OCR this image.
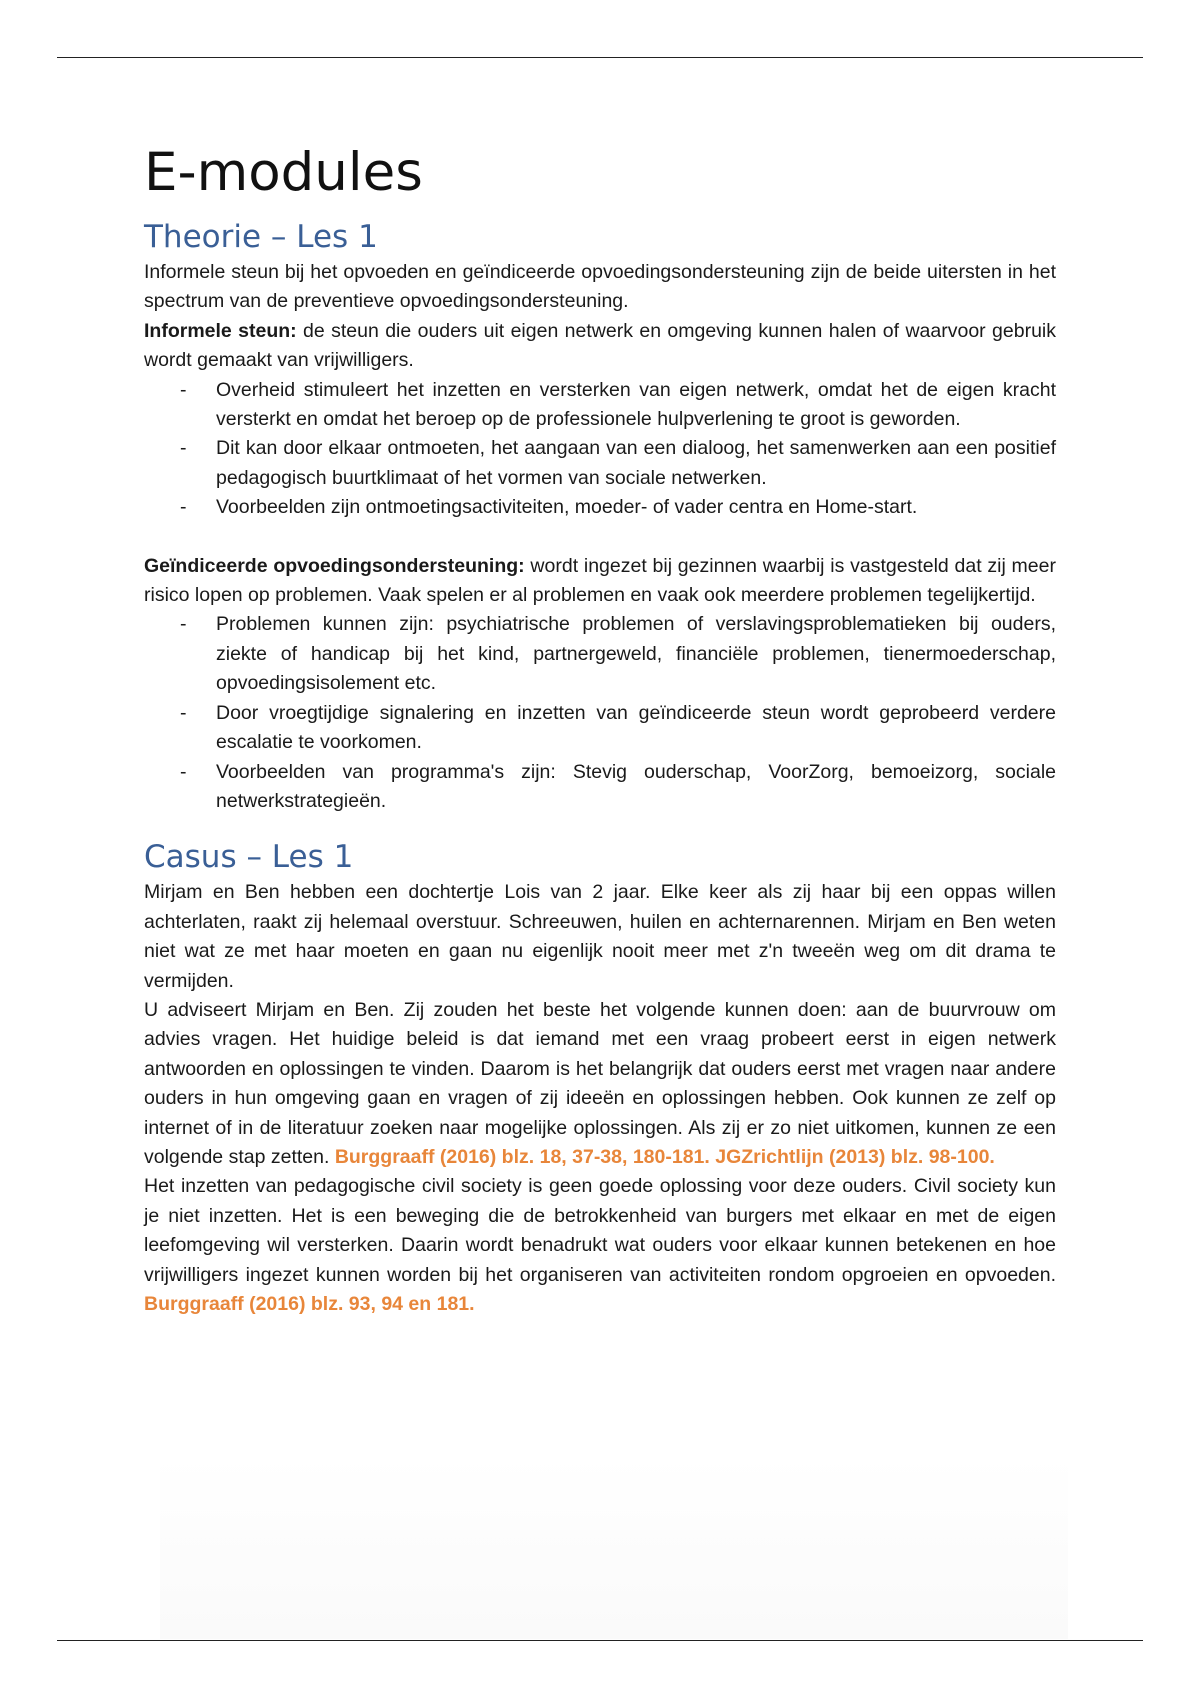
E-modules
Theorie – Les 1

Informele steun bij het opvoeden en geïndiceerde opvoedingsondersteuning zijn de beide uitersten in het spectrum van de preventieve opvoedingsondersteuning.

Informele steun: de steun die ouders uit eigen netwerk en omgeving kunnen halen of waarvoor gebruik wordt gemaakt van vrijwilligers.

- Overheid stimuleert het inzetten en versterken van eigen netwerk, omdat het de eigen kracht versterkt en omdat het beroep op de professionele hulpverlening te groot is geworden.
- Dit kan door elkaar ontmoeten, het aangaan van een dialoog, het samenwerken aan een positief pedagogisch buurtklimaat of het vormen van sociale netwerken.
- Voorbeelden zijn ontmoetingsactiviteiten, moeder- of vader centra en Home-start.

Geïndiceerde opvoedingsondersteuning: wordt ingezet bij gezinnen waarbij is vastgesteld dat zij meer risico lopen op problemen. Vaak spelen er al problemen en vaak ook meerdere problemen tegelijkertijd.

- Problemen kunnen zijn: psychiatrische problemen of verslavingsproblematieken bij ouders, ziekte of handicap bij het kind, partnergeweld, financiële problemen, tienermoederschap, opvoedingsisolement etc.
- Door vroegtijdige signalering en inzetten van geïndiceerde steun wordt geprobeerd verdere escalatie te voorkomen.
- Voorbeelden van programma's zijn: Stevig ouderschap, VoorZorg, bemoeizorg, sociale netwerkstrategieën.
Casus – Les 1

Mirjam en Ben hebben een dochtertje Lois van 2 jaar. Elke keer als zij haar bij een oppas willen achterlaten, raakt zij helemaal overstuur. Schreeuwen, huilen en achternarennen. Mirjam en Ben weten niet wat ze met haar moeten en gaan nu eigenlijk nooit meer met z'n tweeën weg om dit drama te vermijden.

U adviseert Mirjam en Ben. Zij zouden het beste het volgende kunnen doen: aan de buurvrouw om advies vragen. Het huidige beleid is dat iemand met een vraag probeert eerst in eigen netwerk antwoorden en oplossingen te vinden. Daarom is het belangrijk dat ouders eerst met vragen naar andere ouders in hun omgeving gaan en vragen of zij ideeën en oplossingen hebben. Ook kunnen ze zelf op internet of in de literatuur zoeken naar mogelijke oplossingen. Als zij er zo niet uitkomen, kunnen ze een volgende stap zetten. Burggraaff (2016) blz. 18, 37-38, 180-181. JGZrichtlijn (2013) blz. 98-100.

Het inzetten van pedagogische civil society is geen goede oplossing voor deze ouders. Civil society kun je niet inzetten. Het is een beweging die de betrokkenheid van burgers met elkaar en met de eigen leefomgeving wil versterken. Daarin wordt benadrukt wat ouders voor elkaar kunnen betekenen en hoe vrijwilligers ingezet kunnen worden bij het organiseren van activiteiten rondom opgroeien en opvoeden. Burggraaff (2016) blz. 93, 94 en 181.
